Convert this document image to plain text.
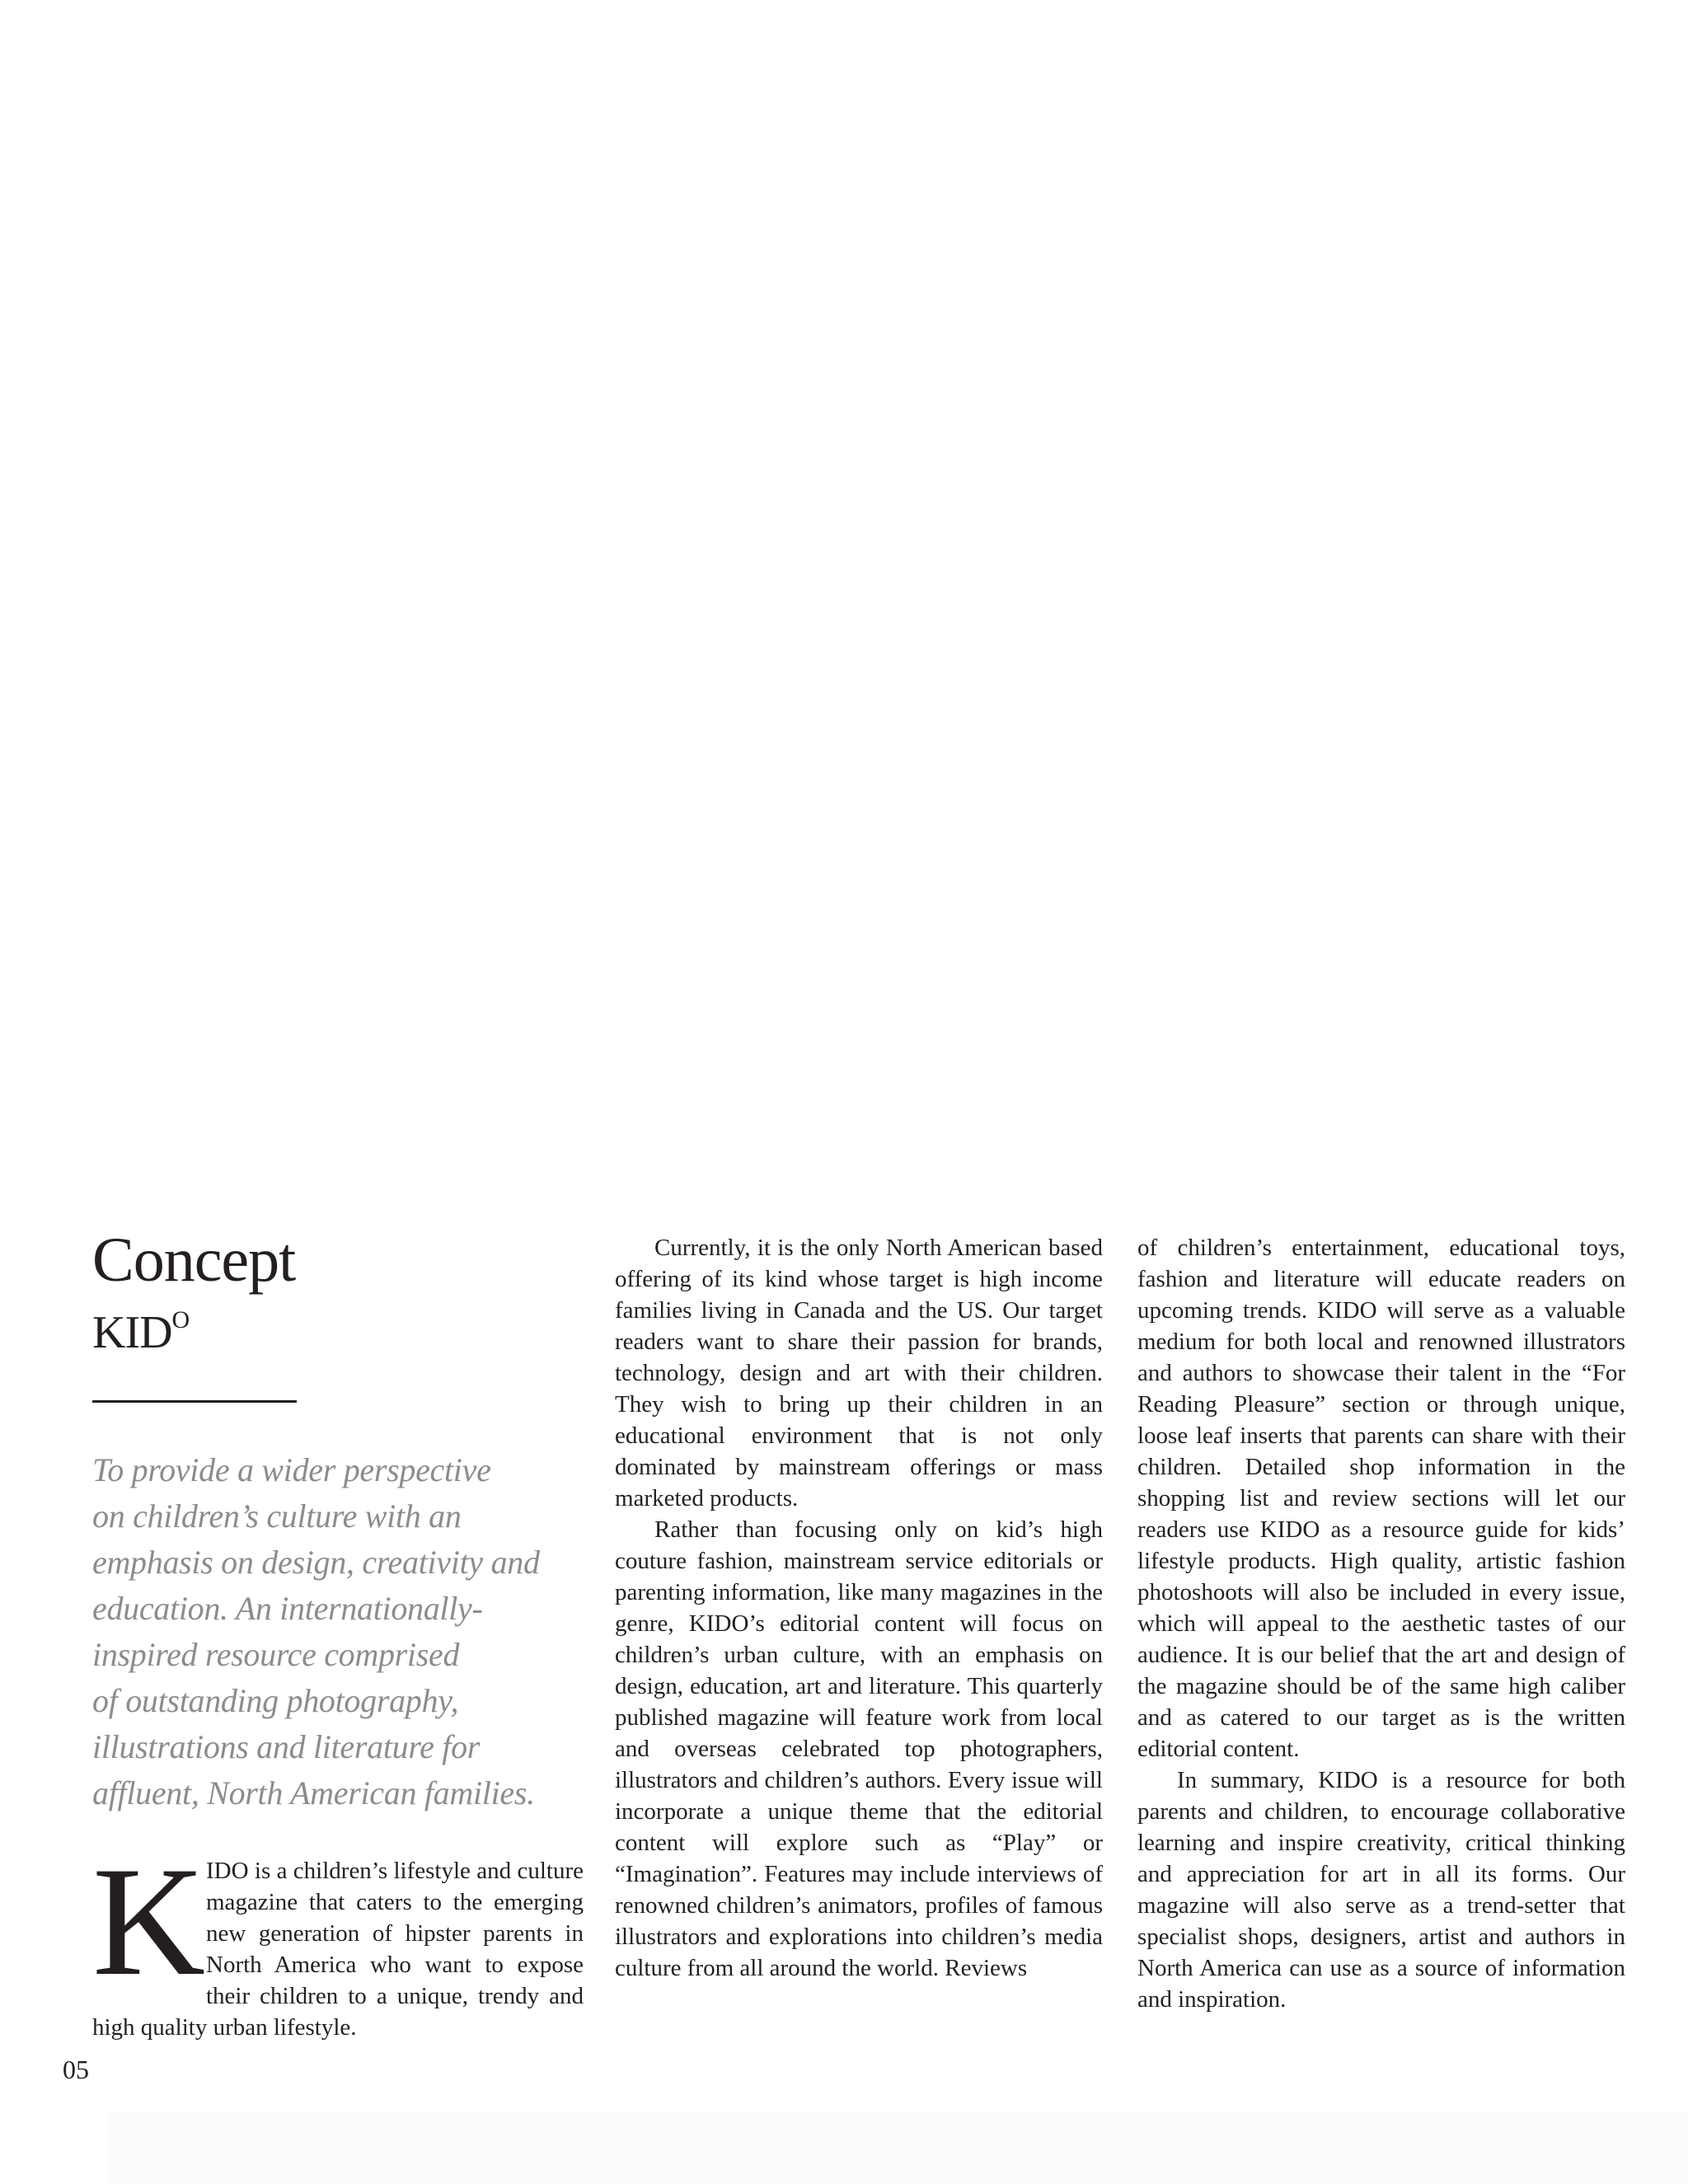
Concept
$KID^O$
To provide a wider perspective
on children’s culture with an
emphasis on design, creativity and
education. An internationally-
inspired resource comprised
of outstanding photography,
illustrations and literature for
affluent, North American families.
KIDO is a children’s lifestyle and culture magazine that caters to the emerging new generation of hipster parents in North America who want to expose their children to a unique, trendy and high quality urban lifestyle.

Currently, it is the only North American based offering of its kind whose target is high income families living in Canada and the US. Our target readers want to share their passion for brands, technology, design and art with their children. They wish to bring up their children in an educational environment that is not only dominated by mainstream offerings or mass marketed products.

Rather than focusing only on kid’s high couture fashion, mainstream service editorials or parenting information, like many magazines in the genre, KIDO’s editorial content will focus on children’s urban culture, with an emphasis on design, education, art and literature. This quarterly published magazine will feature work from local and overseas celebrated top photographers, illustrators and children’s authors. Every issue will incorporate a unique theme that the editorial content will explore such as “Play” or “Imagination”. Features may include interviews of renowned children’s animators, profiles of famous illustrators and explorations into children’s media culture from all around the world. Reviews

of children’s entertainment, educational toys, fashion and literature will educate readers on upcoming trends. KIDO will serve as a valuable medium for both local and renowned illustrators and authors to showcase their talent in the “For Reading Pleasure” section or through unique, loose leaf inserts that parents can share with their children. Detailed shop information in the shopping list and review sections will let our readers use KIDO as a resource guide for kids’ lifestyle products. High quality, artistic fashion photoshoots will also be included in every issue, which will appeal to the aesthetic tastes of our audience. It is our belief that the art and design of the magazine should be of the same high caliber and as catered to our target as is the written editorial content.

In summary, KIDO is a resource for both parents and children, to encourage collaborative learning and inspire creativity, critical thinking and appreciation for art in all its forms. Our magazine will also serve as a trend-setter that specialist shops, designers, artist and authors in North America can use as a source of information and inspiration.

05
